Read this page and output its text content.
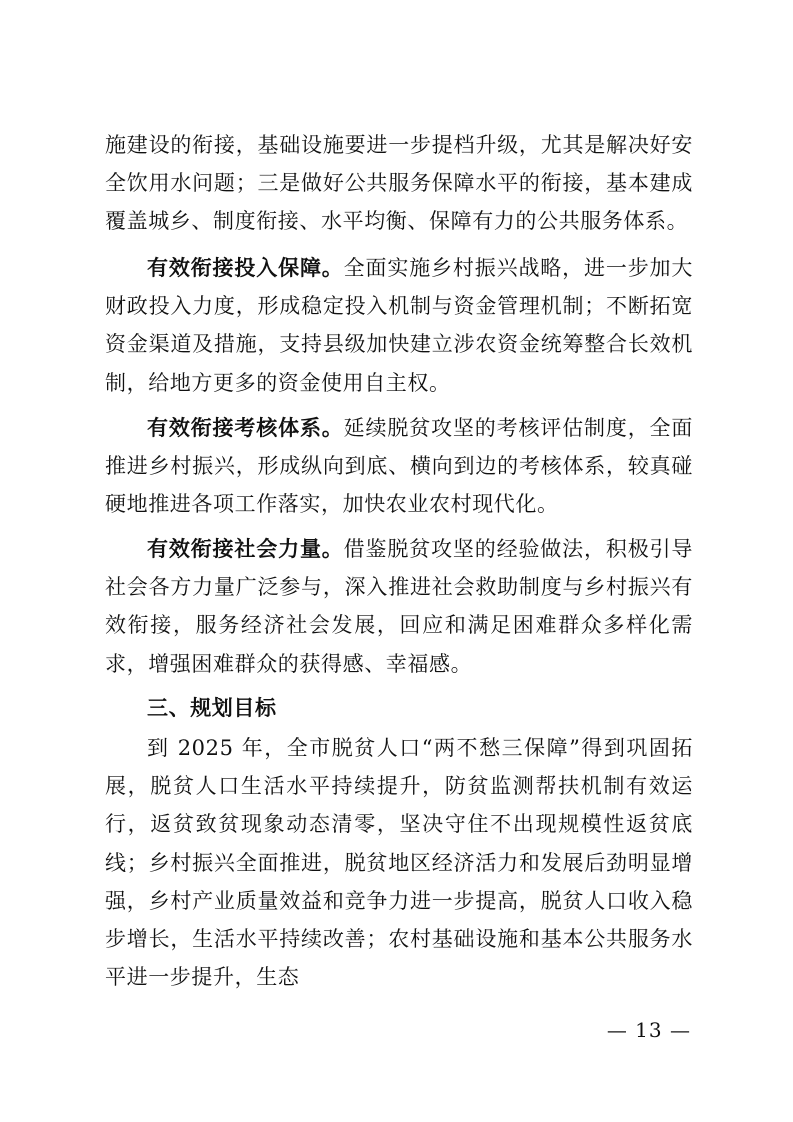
施建设的衔接，基础设施要进一步提档升级，尤其是解决好安全饮用水问题；三是做好公共服务保障水平的衔接，基本建成覆盖城乡、制度衔接、水平均衡、保障有力的公共服务体系。

有效衔接投入保障。全面实施乡村振兴战略，进一步加大财政投入力度，形成稳定投入机制与资金管理机制；不断拓宽资金渠道及措施，支持县级加快建立涉农资金统筹整合长效机制，给地方更多的资金使用自主权。

有效衔接考核体系。延续脱贫攻坚的考核评估制度，全面推进乡村振兴，形成纵向到底、横向到边的考核体系，较真碰硬地推进各项工作落实，加快农业农村现代化。

有效衔接社会力量。借鉴脱贫攻坚的经验做法，积极引导社会各方力量广泛参与，深入推进社会救助制度与乡村振兴有效衔接，服务经济社会发展，回应和满足困难群众多样化需求，增强困难群众的获得感、幸福感。

三、规划目标

到 2025 年，全市脱贫人口“两不愁三保障”得到巩固拓展，脱贫人口生活水平持续提升，防贫监测帮扶机制有效运行，返贫致贫现象动态清零，坚决守住不出现规模性返贫底线；乡村振兴全面推进，脱贫地区经济活力和发展后劲明显增强，乡村产业质量效益和竞争力进一步提高，脱贫人口收入稳步增长，生活水平持续改善；农村基础设施和基本公共服务水平进一步提升，生态

— 13 —
